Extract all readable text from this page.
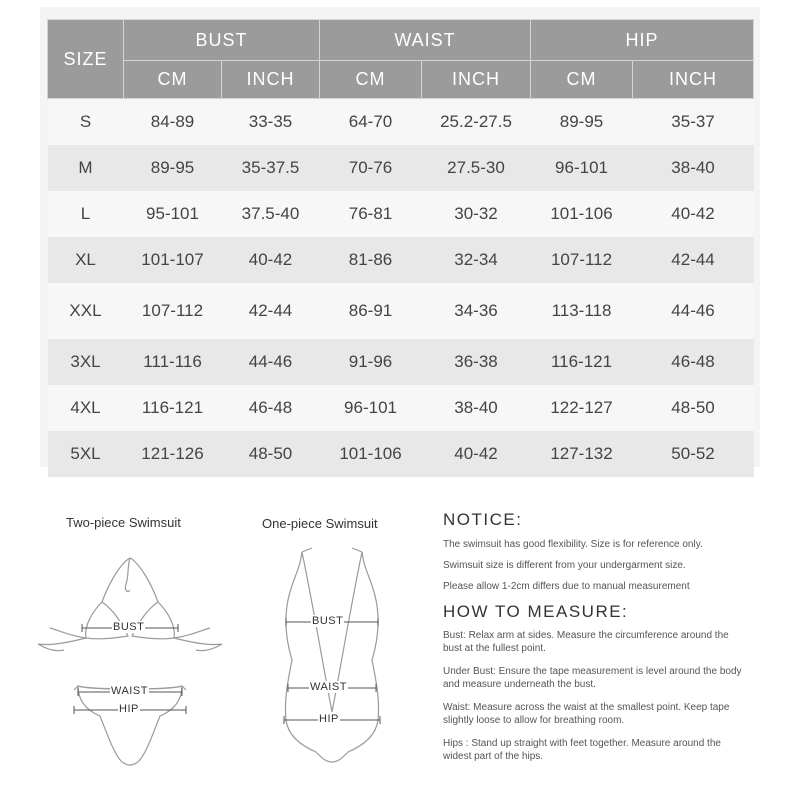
SIZE	BUST		WAIST		HIP	
	CM	INCH	CM	INCH	CM	INCH
S	84-89	33-35	64-70	25.2-27.5	89-95	35-37
M	89-95	35-37.5	70-76	27.5-30	96-101	38-40
L	95-101	37.5-40	76-81	30-32	101-106	40-42
XL	101-107	40-42	81-86	32-34	107-112	42-44
XXL	107-112	42-44	86-91	34-36	113-118	44-46
3XL	111-116	44-46	91-96	36-38	116-121	46-48
4XL	116-121	46-48	96-101	38-40	122-127	48-50
5XL	121-126	48-50	101-106	40-42	127-132	50-52
Two-piece Swimsuit
BUST
WAIST
HIP
One-piece Swimsuit
BUST
WAIST
HIP
NOTICE:

The swimsuit has good flexibility. Size is for reference only.

Swimsuit size is different from your undergarment size.

Please allow 1-2cm differs due to manual measurement

HOW TO MEASURE:

Bust: Relax arm at sides. Measure the circumference around the bust at the fullest point.

Under Bust: Ensure the tape measurement is level around the body and measure underneath the bust.

Waist: Measure across the waist at the smallest point. Keep tape slightly loose to allow for breathing room.

Hips : Stand up straight with feet together. Measure around the widest part of the hips.
